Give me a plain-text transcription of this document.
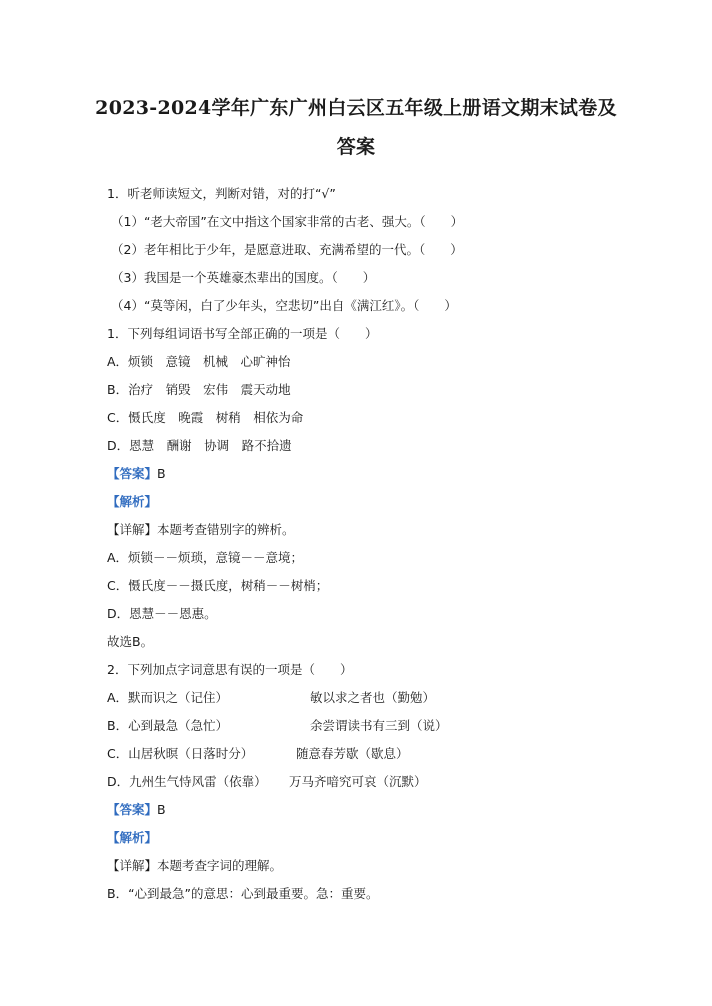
2023-2024学年广东广州白云区五年级上册语文期末试卷及
答案
1．听老师读短文，判断对错，对的打“√”
（1）“老大帝国”在文中指这个国家非常的古老、强大。（　　）
（2）老年相比于少年，是愿意进取、充满希望的一代。（　　）
（3）我国是一个英雄豪杰辈出的国度。（　　）
（4）“莫等闲，白了少年头，空悲切”出自《满江红》。（　　）
1．下列每组词语书写全部正确的一项是（　　）
A．烦锁　意镜　机械　心旷神怡
B．治疗　销毁　宏伟　震天动地
C．慑氏度　晚霞　树稍　相依为命
D．恩慧　酬谢　协调　路不拾遗
【答案】B
【解析】
【详解】本题考查错别字的辨析。
A．烦锁－－烦琐，意镜－－意境；
C．慑氏度－－摄氏度，树稍－－树梢；
D．恩慧－－恩惠。
故选B。
2．下列加点字词意思有误的一项是（　　）
A．默而识之（记住）	敏以求之者也（勤勉）
B．心到最急（急忙）	余尝谓读书有三到（说）
C．山居秋暝（日落时分）	随意春芳歇（歇息）
D．九州生气恃风雷（依靠） 万马齐喑究可哀（沉默）
【答案】B
【解析】
【详解】本题考查字词的理解。
B．“心到最急”的意思：心到最重要。急：重要。
